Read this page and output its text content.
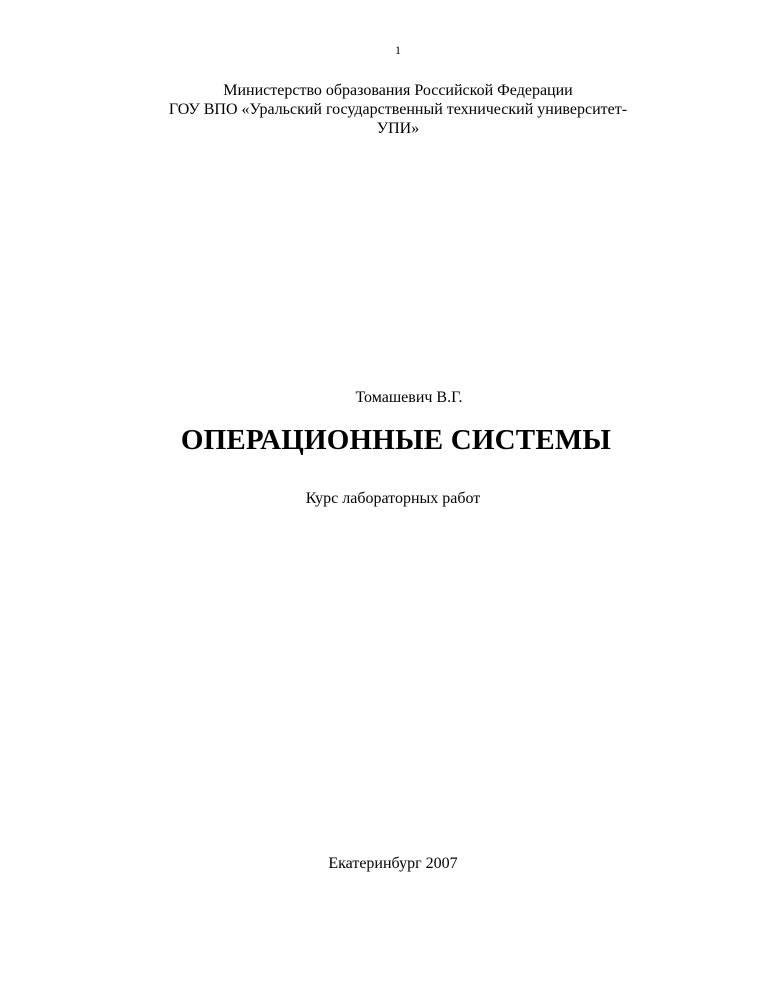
1
Министерство образования Российской Федерации
ГОУ ВПО «Уральский государственный технический университет-
УПИ»
Томашевич В.Г.
ОПЕРАЦИОННЫЕ СИСТЕМЫ
Курс лабораторных работ
Екатеринбург 2007
